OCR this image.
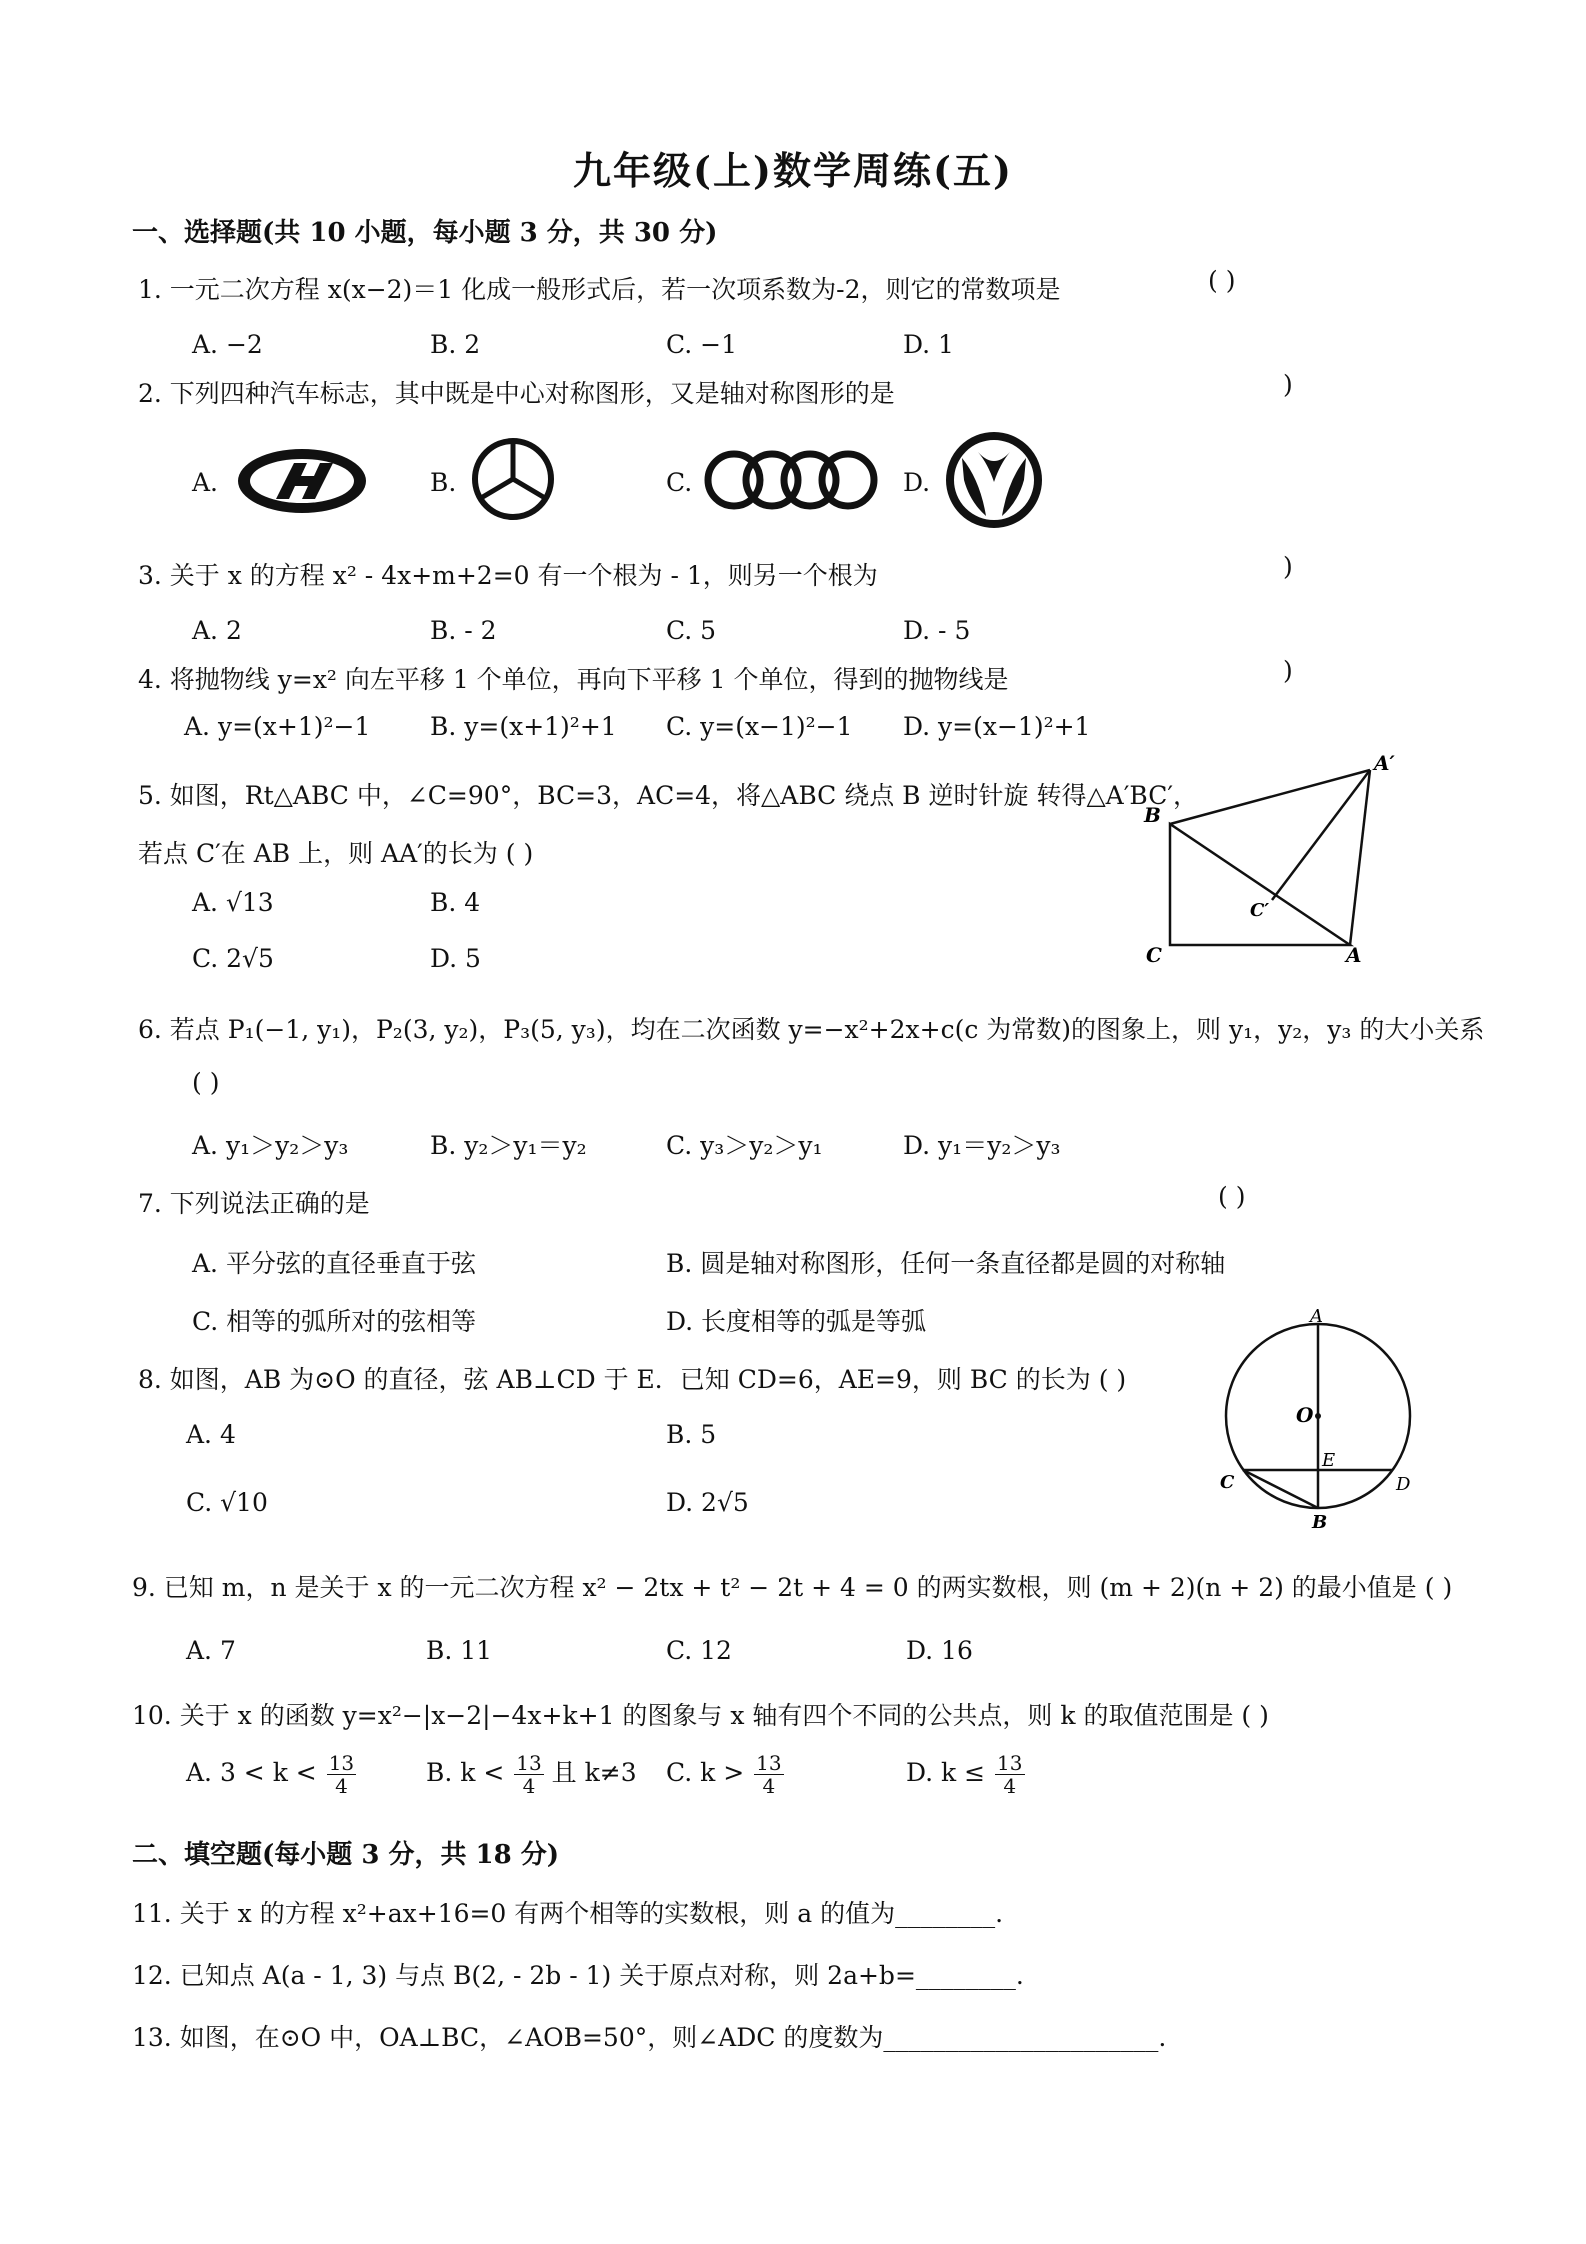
九年级(上)数学周练(五)
一、选择题(共 10 小题，每小题 3 分，共 30 分)
1. 一元二次方程 x(x−2)＝1 化成一般形式后，若一次项系数为-2，则它的常数项是	( )
A. −2	B. 2	C. −1	D. 1
2. 下列四种汽车标志，其中既是中心对称图形，又是轴对称图形的是	)
A.	B.	C.	D.
3. 关于 x 的方程 x² - 4x+m+2=0 有一个根为 - 1，则另一个根为	)
A. 2	B. - 2	C. 5	D. - 5
4. 将抛物线 y=x² 向左平移 1 个单位，再向下平移 1 个单位，得到的抛物线是	)
A. y=(x+1)²−1 B. y=(x+1)²+1 C. y=(x−1)²−1 D. y=(x−1)²+1
5. 如图，Rt△ABC 中，∠C=90°，BC=3，AC=4，将△ABC 绕点 B 逆时针旋 转得△A′BC′，
若点 C′在 AB 上，则 AA′的长为 ( )
A. √13	B. 4
C. 2√5	D. 5
B
C	A
A′
C′
6. 若点 P₁(−1, y₁)，P₂(3, y₂)，P₃(5, y₃)，均在二次函数 y=−x²+2x+c(c 为常数)的图象上，则 y₁，y₂，y₃ 的大小关系
( )
A. y₁＞y₂＞y₃	B. y₂＞y₁＝y₂	C. y₃＞y₂＞y₁	D. y₁＝y₂＞y₃
7. 下列说法正确的是	( )
A. 平分弦的直径垂直于弦	B. 圆是轴对称图形，任何一条直径都是圆的对称轴
C. 相等的弧所对的弦相等	D. 长度相等的弧是等弧
8. 如图，AB 为⊙O 的直径，弦 AB⊥CD 于 E．已知 CD=6，AE=9，则 BC 的长为 ( )
A. 4	B. 5
C. √10	D. 2√5
A
O
E
C	D
B
9. 已知 m，n 是关于 x 的一元二次方程 x² − 2tx + t² − 2t + 4 = 0 的两实数根，则 (m + 2)(n + 2) 的最小值是 ( )
A. 7	B. 11	C. 12	D. 16
10. 关于 x 的函数 y=x²−|x−2|−4x+k+1 的图象与 x 轴有四个不同的公共点，则 k 的取值范围是 ( )
A. $3 < k < \frac{13}{4}$	B. $k < \frac{13}{4}$ 且 k≠3 C. $k > \frac{13}{4}$	D. $k \le \frac{13}{4}$
二、填空题(每小题 3 分，共 18 分)
11. 关于 x 的方程 x²+ax+16=0 有两个相等的实数根，则 a 的值为________.
12. 已知点 A(a - 1, 3) 与点 B(2, - 2b - 1) 关于原点对称，则 2a+b=________.
13. 如图，在⊙O 中，OA⊥BC，∠AOB=50°，则∠ADC 的度数为______________________.
